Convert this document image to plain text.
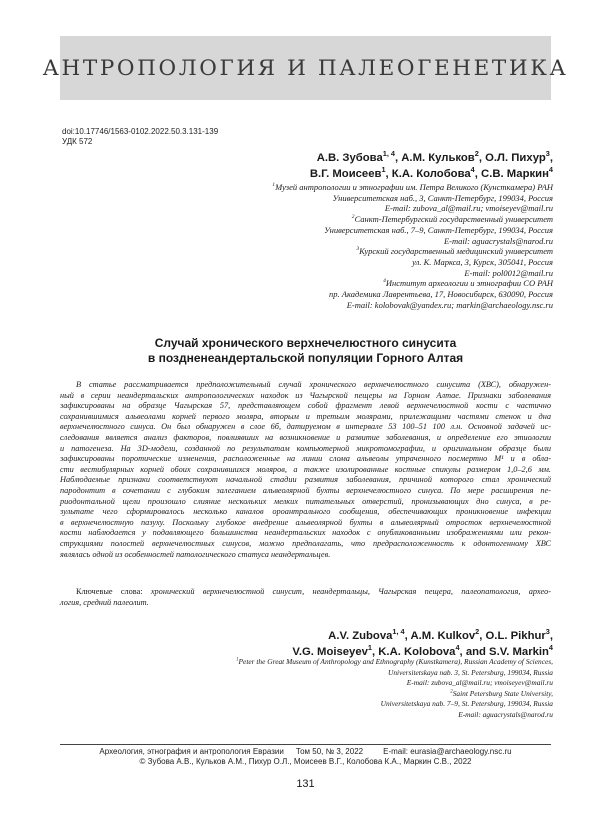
АНТРОПОЛОГИЯ И ПАЛЕОГЕНЕТИКА
doi:10.17746/1563-0102.2022.50.3.131-139
УДК 572
А.В. Зубова$^{1, 4}$, А.М. Кульков$^2$, О.Л. Пихур$^3$,
В.Г. Моисеев$^1$, К.А. Колобова$^4$, С.В. Маркин$^4$
$^1$Музей антропологии и этнографии им. Петра Великого (Кунсткамера) РАН
Университетская наб., 3, Санкт-Петербург, 199034, Россия
E-mail: zubova_al@mail.ru; vmoiseyev@mail.ru
$^2$Санкт-Петербургский государственный университет
Университетская наб., 7–9, Санкт-Петербург, 199034, Россия
E-mail: aguacrystals@narod.ru
$^3$Курский государственный медицинский университет
ул. К. Маркса, 3, Курск, 305041, Россия
E-mail: pol0012@mail.ru
$^4$Институт археологии и этнографии СО РАН
пр. Академика Лаврентьева, 17, Новосибирск, 630090, Россия
E-mail: kolobovak@yandex.ru; markin@archaeology.nsc.ru
Случай хронического верхнечелюстного синусита
в поздненеандертальской популяции Горного Алтая
В статье рассматривается предположительный случай хронического верхнечелюстного синусита (ХВС), обнаружен-
ный в серии неандертальских антропологических находок из Чагырской пещеры на Горном Алтае. Признаки заболевания
зафиксированы на образце Чагырская 57, представляющем собой фрагмент левой верхнечелюстной кости с частично
сохранившимися альвеолами корней первого моляра, вторым и третьим молярами, прилежащими частями стенок и дна
верхнечелюстного синуса. Он был обнаружен в слое 6б, датируемом в интервале 53 100–51 100 л.н. Основной задачей ис-
следования является анализ факторов, повлиявших на возникновение и развитие заболевания, и определение его этиологии
и патогенеза. На 3D-модели, созданной по результатам компьютерной микротомографии, и оригинальном образце были
зафиксированы поротические изменения, расположенные на линии слома альвеолы утраченного посмертно M¹ и в обла-
сти вестибулярных корней обоих сохранившихся моляров, а также изолированные костные спикулы размером 1,0–2,6 мм.
Наблюдаемые признаки соответствуют начальной стадии развития заболевания, причиной которого стал хронический
пародонтит в сочетании с глубоким залеганием альвеолярной бухты верхнечелюстного синуса. По мере расширения пе-
риодонтальной щели произошло слияние нескольких мелких питательных отверстий, пронизывающих дно синуса, в ре-
зультате чего сформировалось несколько каналов ороантрального сообщения, обеспечивающих проникновение инфекции
в верхнечелюстную пазуху. Поскольку глубокое внедрение альвеолярной бухты в альвеолярный отросток верхнечелюстной
кости наблюдается у подавляющего большинства неандертальских находок с опубликованными изображениями или рекон-
струкциями полостей верхнечелюстных синусов, можно предполагать, что предрасположенность к одонтогенному ХВС
являлась одной из особенностей патологического статуса неандертальцев.
Ключевые слова: хронический верхнечелюстной синусит, неандертальцы, Чагырская пещера, палеопатология, архео-
логия, средний палеолит.
A.V. Zubova$^{1, 4}$, A.M. Kulkov$^2$, O.L. Pikhur$^3$,
V.G. Moiseyev$^1$, K.A. Kolobova$^4$, and S.V. Markin$^4$
$^1$Peter the Great Museum of Anthropology and Ethnography (Kunstkamera), Russian Academy of Sciences,
Universitetskaya nab. 3, St. Petersburg, 199034, Russia
E-mail: zubova_al@mail.ru; vmoiseyev@mail.ru
$^2$Saint Petersburg State University,
Universitetskaya nab. 7–9, St. Petersburg, 199034, Russia
E-mail: aguacrystals@narod.ru
Археология, этнография и антропология Евразии Том 50, № 3, 2022	E-mail: eurasia@archaeology.nsc.ru
© Зубова А.В., Кульков А.М., Пихур О.Л., Моисеев В.Г., Колобова К.А., Маркин С.В., 2022
131
